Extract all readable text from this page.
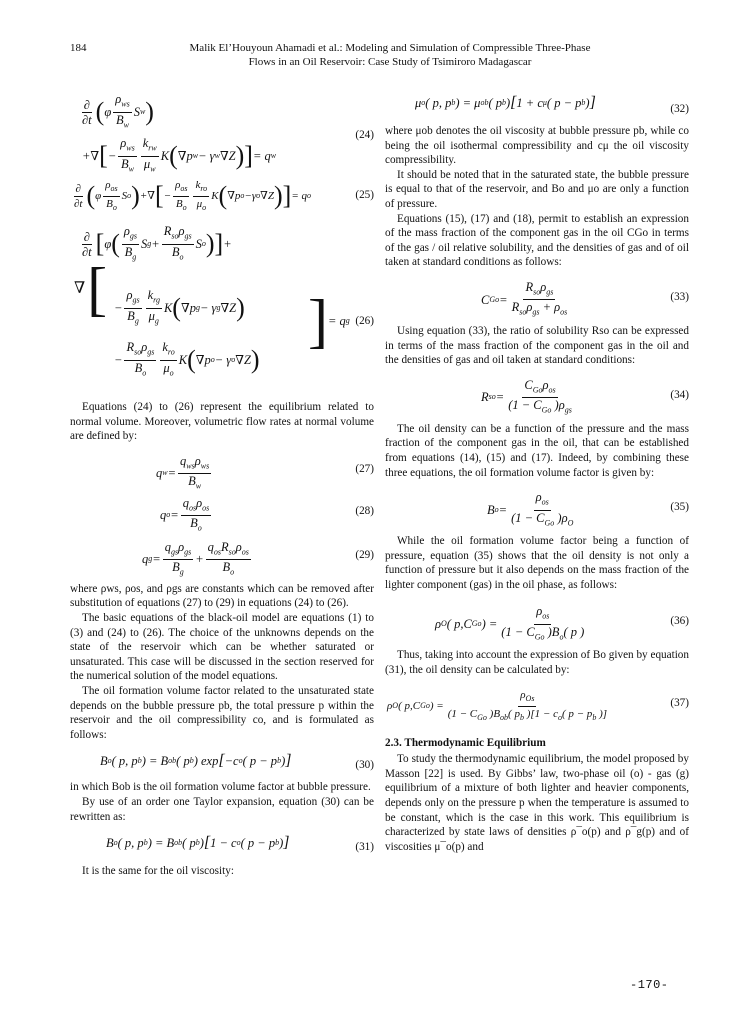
184	Malik El’Houyoun Ahamadi et al.: Modeling and Simulation of Compressible Three-Phase
Flows in an Oil Reservoir: Case Study of Tsimiroro Madagascar
$\frac{\partial}{\partial t}$ ( φ $\frac{\rho_{ws}}{B_w}$ S w )
+∇ [ − $\frac{\rho_{ws}}{B_w} \frac{k_{rw}}{\mu_w}$ K ( ∇p w − γ w ∇Z ) ] = q w
(24)
$\frac{\partial}{\partial t}$ ( φ $\frac{\rho_{os}}{B_o}$ S o ) +∇ [ − $\frac{\rho_{os}}{B_o} \frac{k_{ro}}{\mu_o}$ K ( ∇p o −γ o ∇Z ) ] = q o	(25)
$\frac{\partial}{\partial t}$ [ φ ( $\frac{\rho_{gs}}{B_g}$ S $g + \frac{R_{so}\rho_{gs}}{B_o}$ S o ) ] +
∇ [ − $\frac{\rho_{gs}}{B_g} \frac{k_{rg}}{\mu_g}$ K ( ∇p g − γ g ∇Z )
− $\frac{R_{so}\rho_{gs}}{B_o} \frac{k_{ro}}{\mu_o}$ K ( ∇p o − γ o ∇Z )
] = q g (26)

Equations (24) to (26) represent the equilibrium related to normal volume. Moreover, volumetric flow rates at normal volume are defined by:

q $w = \frac{q_{ws}\rho_{ws}}{B_w}$	(27)
q $o = \frac{q_{os}\rho_{os}}{B_o}$	(28)
q $g = \frac{q_{gs}\rho_{gs}}{B_g} + \frac{q_{os}R_{so}\rho_{os}}{B_o}$	(29)

where ρws, ρos, and ρgs are constants which can be removed after substitution of equations (27) to (29) in equations (24) to (26).

The basic equations of the black-oil model are equations (1) to (3) and (24) to (26). The choice of the unknowns depends on the state of the reservoir which can be whether saturated or unsaturated. This case will be discussed in the section reserved for the numerical solution of the model equations.

The oil formation volume factor related to the unsaturated state depends on the bubble pressure pb, the total pressure p within the reservoir and the oil compressibility co, and is formulated as follows:

B o ( p, p b ) = B ob ( p b ) exp [ −c o ( p − p b ) ]	(30)

in which Bob is the oil formation volume factor at bubble pressure.

By use of an order one Taylor expansion, equation (30) can be rewritten as:

B o ( p, p b ) = B ob ( p b ) [ 1 − c o ( p − p b ) ]	(31)

It is the same for the oil viscosity:

μ o ( p, p b ) = μ ob ( p b ) [ 1 + c μ ( p − p b ) ]	(32)

where μob denotes the oil viscosity at bubble pressure pb, while co being the oil isothermal compressibility and cμ the oil viscosity compressibility.

It should be noted that in the saturated state, the bubble pressure is equal to that of the reservoir, and Bo and μo are only a function of pressure.

Equations (15), (17) and (18), permit to establish an expression of the mass fraction of the component gas in the oil CGo in terms of the gas / oil relative solubility, and the densities of gas and of oil taken at standard conditions as follows:

C $Go = \frac{R_{so}\rho_{gs}}{R_{so}\rho_{gs} + \rho_{os}}$	(33)

Using equation (33), the ratio of solubility Rso can be expressed in terms of the mass fraction of the component gas in the oil and the densities of gas and oil taken at standard conditions:

R so = $\frac{C_{Go}\rho_{os}}{(1 - C_{Go} )\rho_{gs}}$	(34)

The oil density can be a function of the pressure and the mass fraction of the component gas in the oil, that can be established from equations (14), (15) and (17). Indeed, by combining these three equations, the oil formation volume factor is given by:

B $o = \frac{\rho_{os}}{(1 - C_{Go} )\rho_O}$	(35)

While the oil formation volume factor being a function of pressure, equation (35) shows that the oil density is not only a function of pressure but it also depends on the mass fraction of the lighter component (gas) in the oil phase, as follows:

ρ O ( p,C Go ) = $\frac{\rho_{os}}{(1 - C_{Go} )B_o( p )}$	(36)

Thus, taking into account the expression of Bo given by equation (31), the oil density can be calculated by:

ρ O ( p,C Go ) = $\frac{\rho_{Os}}{(1 - C_{Go} )B_{ob}( p_b )[1 - c_o( p - p_b )]}$	(37)
2.3. Thermodynamic Equilibrium

To study the thermodynamic equilibrium, the model proposed by Masson [22] is used. By Gibbs’ law, two-phase oil (o) - gas (g) equilibrium of a mixture of both lighter and heavier components, depends only on the pressure p when the temperature is assumed to be constant, which is the case in this work. This equilibrium is characterized by state laws of densities ρ¯o(p) and ρ¯g(p) and of viscosities μ¯o(p) and

-170-
